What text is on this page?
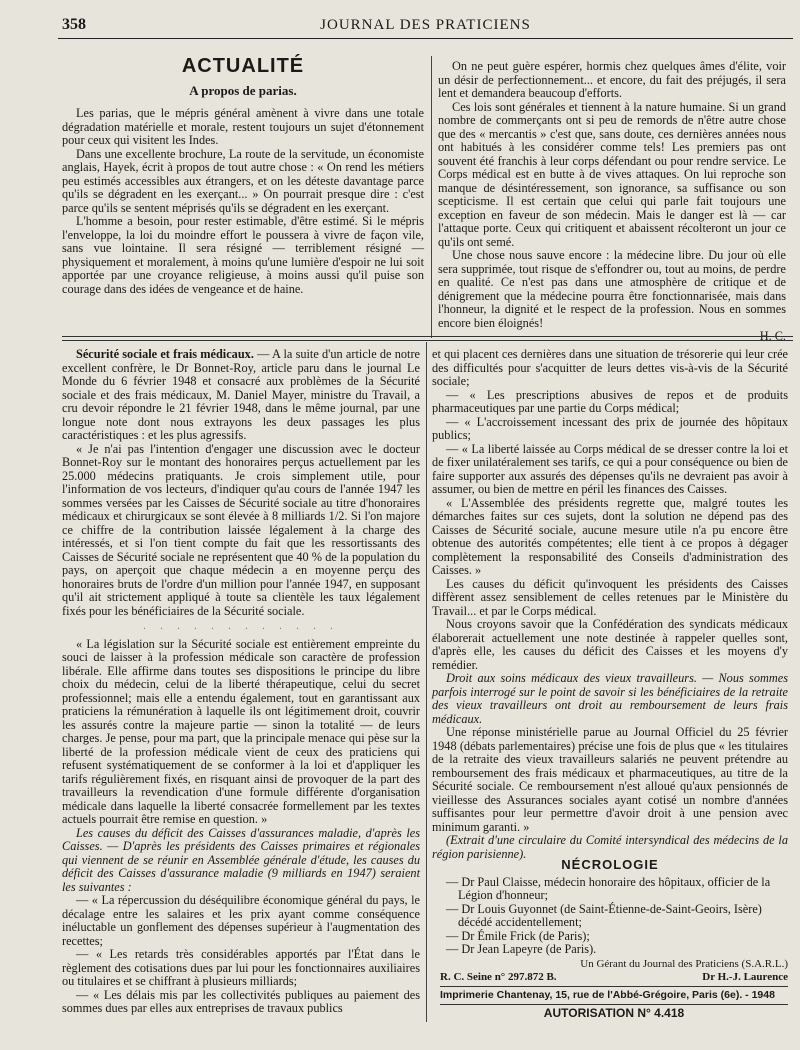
358	JOURNAL DES PRATICIENS
ACTUALITÉ
A propos de parias.

Les parias, que le mépris général amènent à vivre dans une totale dégradation matérielle et morale, restent toujours un sujet d'étonnement pour ceux qui visitent les Indes.

Dans une excellente brochure, La route de la servitude, un économiste anglais, Hayek, écrit à propos de tout autre chose : « On rend les métiers peu estimés accessibles aux étrangers, et on les déteste davantage parce qu'ils se dégradent en les exerçant... » On pourrait presque dire : c'est parce qu'ils se sentent méprisés qu'ils se dégradent en les exerçant.

L'homme a besoin, pour rester estimable, d'être estimé. Si le mépris l'enveloppe, la loi du moindre effort le poussera à vivre de façon vile, sans vue lointaine. Il sera résigné — terriblement résigné — physiquement et moralement, à moins qu'une lumière d'espoir ne lui soit apportée par une croyance religieuse, à moins aussi qu'il puise son courage dans des idées de vengeance et de haine.

On ne peut guère espérer, hormis chez quelques âmes d'élite, voir un désir de perfectionnement... et encore, du fait des préjugés, il sera lent et demandera beaucoup d'efforts.

Ces lois sont générales et tiennent à la nature humaine. Si un grand nombre de commerçants ont si peu de remords de n'être autre chose que des « mercantis » c'est que, sans doute, ces dernières années nous ont habitués à les considérer comme tels! Les premiers pas ont souvent été franchis à leur corps défendant ou pour rendre service. Le Corps médical est en butte à de vives attaques. On lui reproche son manque de désintéressement, son ignorance, sa suffisance ou son scepticisme. Il est certain que celui qui parle fait toujours une exception en faveur de son médecin. Mais le danger est là — car l'attaque porte. Ceux qui critiquent et abaissent récolteront un jour ce qu'ils ont semé.

Une chose nous sauve encore : la médecine libre. Du jour où elle sera supprimée, tout risque de s'effondrer ou, tout au moins, de perdre en qualité. Ce n'est pas dans une atmosphère de critique et de dénigrement que la médecine pourra être fonctionnarisée, mais dans l'honneur, la dignité et le respect de la profession. Nous en sommes encore bien éloignés!

H. C.

Sécurité sociale et frais médicaux. — A la suite d'un article de notre excellent confrère, le Dr Bonnet-Roy, article paru dans le journal Le Monde du 6 février 1948 et consacré aux problèmes de la Sécurité sociale et des frais médicaux, M. Daniel Mayer, ministre du Travail, a cru devoir répondre le 21 février 1948, dans le même journal, par une longue note dont nous extrayons les deux passages les plus caractéristiques : et les plus agressifs.

« Je n'ai pas l'intention d'engager une discussion avec le docteur Bonnet-Roy sur le montant des honoraires perçus actuellement par les 25.000 médecins pratiquants. Je crois simplement utile, pour l'information de vos lecteurs, d'indiquer qu'au cours de l'année 1947 les sommes versées par les Caisses de Sécurité sociale au titre d'honoraires médicaux et chirurgicaux se sont élevée à 8 milliards 1/2. Si l'on majore ce chiffre de la contribution laissée légalement à la charge des intéressés, et si l'on tient compte du fait que les ressortissants des Caisses de Sécurité sociale ne représentent que 40 % de la population du pays, on aperçoit que chaque médecin a en moyenne perçu des honoraires bruts de l'ordre d'un million pour l'année 1947, en supposant qu'il ait strictement appliqué à toute sa clientèle les taux légalement fixés pour les bénéficiaires de la Sécurité sociale.

. . . . . . . . . . . .

« La législation sur la Sécurité sociale est entièrement empreinte du souci de laisser à la profession médicale son caractère de profession libérale. Elle affirme dans toutes ses dispositions le principe du libre choix du médecin, celui de la liberté thérapeutique, celui du secret professionnel; mais elle a entendu également, tout en garantissant aux praticiens la rémunération à laquelle ils ont légitimement droit, couvrir les assurés contre la majeure partie — sinon la totalité — de leurs charges. Je pense, pour ma part, que la principale menace qui pèse sur la liberté de la profession médicale vient de ceux des praticiens qui refusent systématiquement de se conformer à la loi et d'appliquer les tarifs régulièrement fixés, en risquant ainsi de provoquer de la part des travailleurs la revendication d'une formule différente d'organisation médicale dans laquelle la liberté consacrée formellement par les textes actuels pourrait être remise en question. »

Les causes du déficit des Caisses d'assurances maladie, d'après les Caisses. — D'après les présidents des Caisses primaires et régionales qui viennent de se réunir en Assemblée générale d'étude, les causes du déficit des Caisses d'assurance maladie (9 milliards en 1947) seraient les suivantes :

— « La répercussion du déséquilibre économique général du pays, le décalage entre les salaires et les prix ayant comme conséquence inéluctable un gonflement des dépenses supérieur à l'augmentation des recettes;

— « Les retards très considérables apportés par l'État dans le règlement des cotisations dues par lui pour les fonctionnaires auxiliaires ou titulaires et se chiffrant à plusieurs milliards;

— « Les délais mis par les collectivités publiques au paiement des sommes dues par elles aux entreprises de travaux publics

et qui placent ces dernières dans une situation de trésorerie qui leur crée des difficultés pour s'acquitter de leurs dettes vis-à-vis de la Sécurité sociale;

— « Les prescriptions abusives de repos et de produits pharmaceutiques par une partie du Corps médical;

— « L'accroissement incessant des prix de journée des hôpitaux publics;

— « La liberté laissée au Corps médical de se dresser contre la loi et de fixer unilatéralement ses tarifs, ce qui a pour conséquence ou bien de faire supporter aux assurés des dépenses qu'ils ne devraient pas avoir à assumer, ou bien de mettre en péril les finances des Caisses.

« L'Assemblée des présidents regrette que, malgré toutes les démarches faites sur ces sujets, dont la solution ne dépend pas des Caisses de Sécurité sociale, aucune mesure utile n'a pu encore être obtenue des autorités compétentes; elle tient à ce propos à dégager complètement la responsabilité des Conseils d'administration des Caisses. »

Les causes du déficit qu'invoquent les présidents des Caisses diffèrent assez sensiblement de celles retenues par le Ministère du Travail... et par le Corps médical.

Nous croyons savoir que la Confédération des syndicats médicaux élaborerait actuellement une note destinée à rappeler quelles sont, d'après elle, les causes du déficit des Caisses et les moyens d'y remédier.

Droit aux soins médicaux des vieux travailleurs. — Nous sommes parfois interrogé sur le point de savoir si les bénéficiaires de la retraite des vieux travailleurs ont droit au remboursement de leurs frais médicaux.

Une réponse ministérielle parue au Journal Officiel du 25 février 1948 (débats parlementaires) précise une fois de plus que « les titulaires de la retraite des vieux travailleurs salariés ne peuvent prétendre au remboursement des frais médicaux et pharmaceutiques, au titre de la Sécurité sociale. Ce remboursement n'est alloué qu'aux pensionnés de vieillesse des Assurances sociales ayant cotisé un nombre d'années suffisantes pour leur permettre d'avoir droit à une pension avec minimum garanti. »

(Extrait d'une circulaire du Comité intersyndical des médecins de la région parisienne).

NÉCROLOGIE

— Dr Paul Claisse, médecin honoraire des hôpitaux, officier de la Légion d'honneur;

— Dr Louis Guyonnet (de Saint-Étienne-de-Saint-Geoirs, Isère) décédé accidentellement;

— Dr Émile Frick (de Paris);

— Dr Jean Lapeyre (de Paris).

Un Gérant du Journal des Praticiens (S.A.R.L.)
R. C. Seine n° 297.872 B.	Dr H.-J. Laurence
Imprimerie Chantenay, 15, rue de l'Abbé-Grégoire, Paris (6e). - 1948
AUTORISATION N° 4.418
